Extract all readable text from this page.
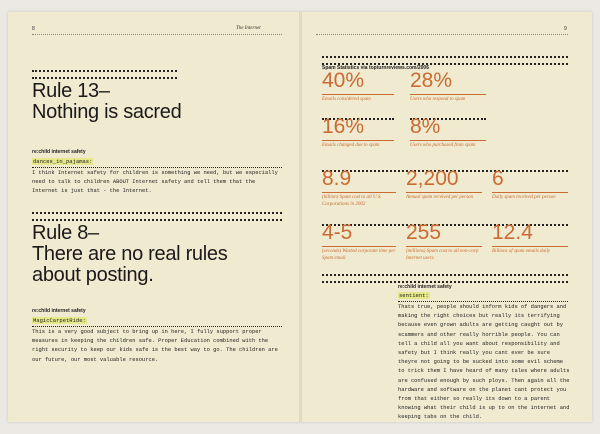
8	The Internet
Rule 13–
Nothing is sacred
re:child internet safety
dances_in_pajamas:
I think Internet safety for children is something we need, but we especially need to talk to children ABOUT Internet safety and tell them that the Internet is just that - the Internet.
Rule 8–
There are no real rules
about posting.
re:child internet safety
MagicCarpetRide:
This is a very good subject to bring up in here, I fully support proper measures in keeping the children safe. Proper Education combined with the right security to keep our kids safe is the best way to go. The children are our future, our most valuable resource.
9
Spam Statistics via topturnreviews.com/2006
40%
Emails considered spam
28%
Users who respond to spam
16%
Emails changed due to spam
8%
Users who purchased from spam
8.9
(billion) Spam cost to all U.S. Corporations in 2002
2,200
Annual spam received per person
6
Daily spam received per person
4-5
(seconds) Wasted corporate time per Spam email
255
(millions) Spam cost to all non-corp Internet users
12.4
Billions of spam emails daily
re:child internet safety
sentient:
Thats true, people should inform kids of dangers and making the right choices but really its terrifying because even grown adults are getting caught out by scammers and other really horrible people. You can tell a child all you want about responsibility and safety but I think really you cant ever be sure theyre not going to be sucked into some evil scheme to trick them I have heard of many tales where adults are confused enough by such ploys. Then again all the hardware and software on the planet cant protect you from that either so really its down to a parent knowing what their child is up to on the internet and keeping tabs on the child.
